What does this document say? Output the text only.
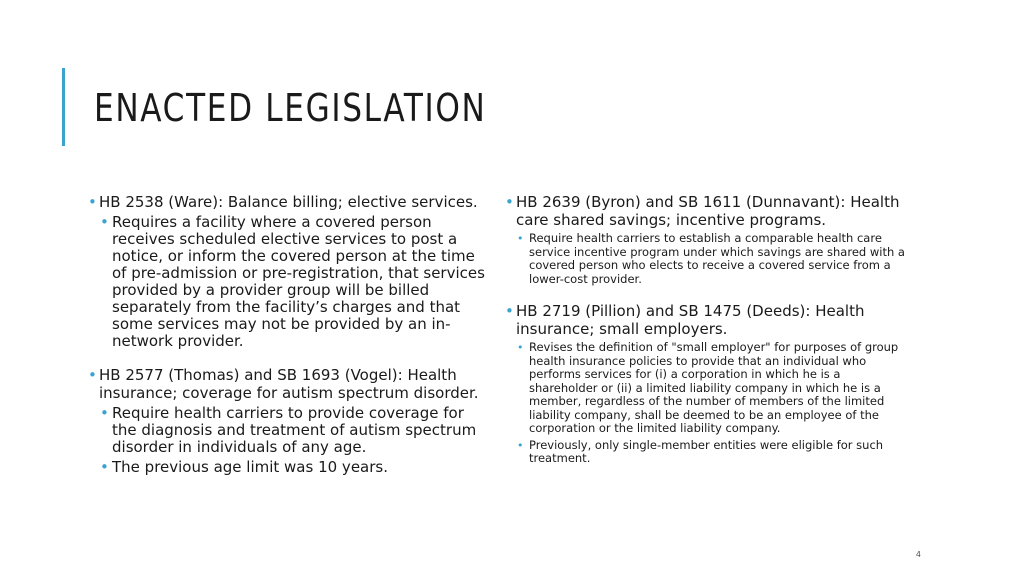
ENACTED LEGISLATION
• HB 2538 (Ware): Balance billing; elective services.
• Requires a facility where a covered person receives scheduled elective services to post a notice, or inform the covered person at the time of pre-admission or pre-registration, that services provided by a provider group will be billed separately from the facility’s charges and that some services may not be provided by an in-network provider.
• HB 2577 (Thomas) and SB 1693 (Vogel): Health insurance; coverage for autism spectrum disorder.
• Require health carriers to provide coverage for the diagnosis and treatment of autism spectrum disorder in individuals of any age.
• The previous age limit was 10 years.
• HB 2639 (Byron) and SB 1611 (Dunnavant): Health care shared savings; incentive programs.
• Require health carriers to establish a comparable health care service incentive program under which savings are shared with a covered person who elects to receive a covered service from a lower-cost provider.
• HB 2719 (Pillion) and SB 1475 (Deeds): Health insurance; small employers.
• Revises the definition of "small employer" for purposes of group health insurance policies to provide that an individual who performs services for (i) a corporation in which he is a shareholder or (ii) a limited liability company in which he is a member, regardless of the number of members of the limited liability company, shall be deemed to be an employee of the corporation or the limited liability company.
• Previously, only single-member entities were eligible for such treatment.
4
